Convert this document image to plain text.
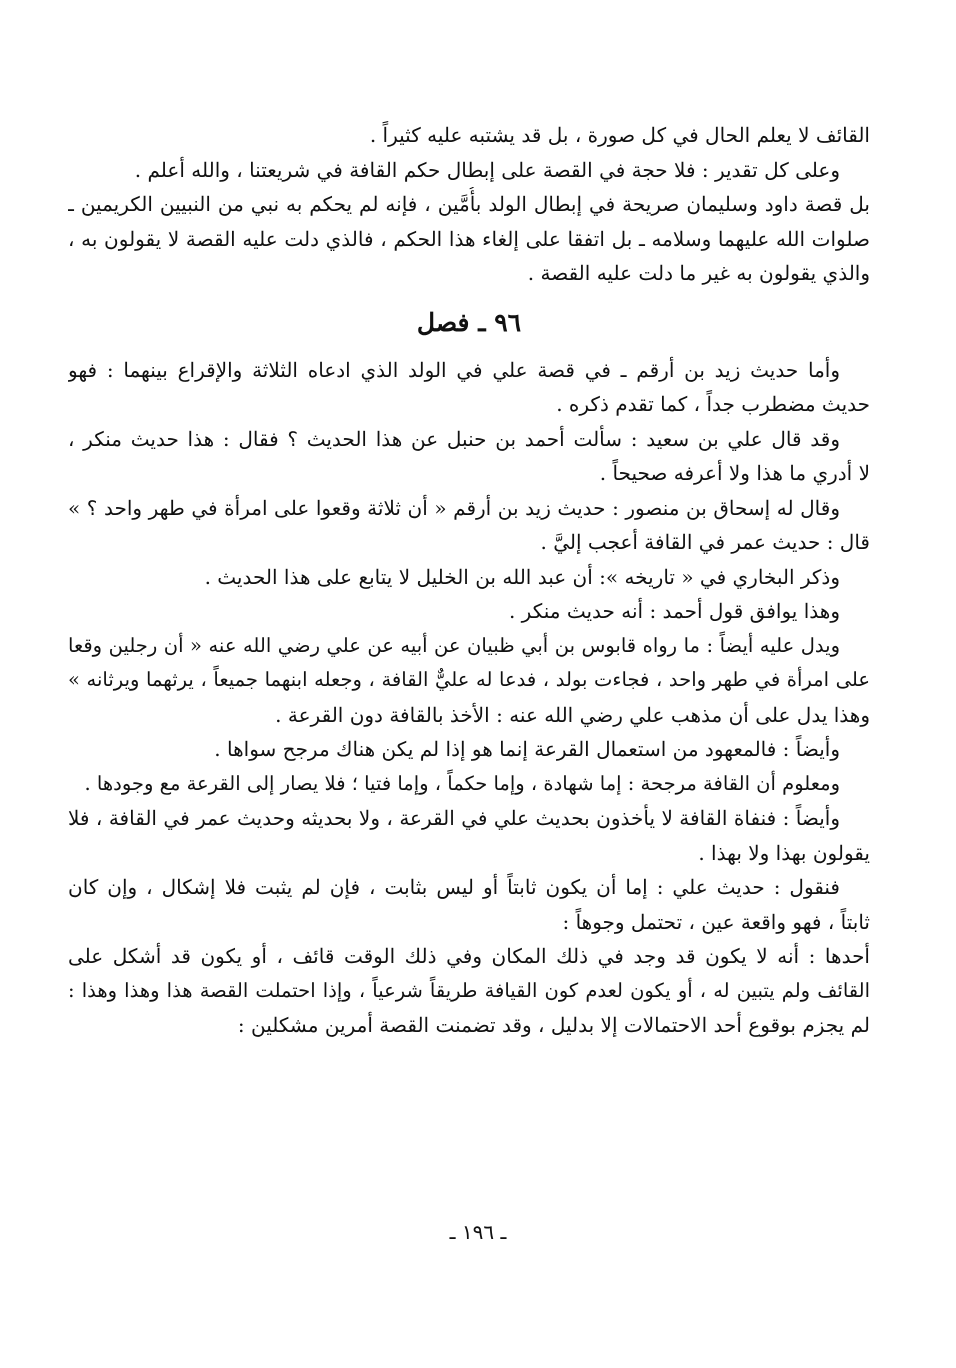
القائف لا يعلم الحال في كل صورة ، بل قد يشتبه عليه كثيراً .
وعلى كل تقدير : فلا حجة في القصة على إبطال حكم القافة في شريعتنا ، والله أعلم .
بل قصة داود وسليمان صريحة في إبطال الولد بأُمَّين ، فإنه لم يحكم به نبي من النبيين الكريمين ـ
صلوات الله عليهما وسلامه ـ بل اتفقا على إلغاء هذا الحكم ، فالذي دلت عليه القصة لا يقولون به ،
والذي يقولون به غير ما دلت عليه القصة .
٩٦ ـ فصل
وأما حديث زيد بن أرقم ـ في قصة علي في الولد الذي ادعاه الثلاثة والإقراع بينهما : فهو
حديث مضطرب جداً ، كما تقدم ذكره .
وقد قال علي بن سعيد : سألت أحمد بن حنبل عن هذا الحديث ؟ فقال : هذا حديث منكر ،
لا أدري ما هذا ولا أعرفه صحيحاً .
وقال له إسحاق بن منصور : حديث زيد بن أرقم « أن ثلاثة وقعوا على امرأة في طهر واحد ؟ »
قال : حديث عمر في القافة أعجب إليَّ .
وذكر البخاري في « تاريخه »: أن عبد الله بن الخليل لا يتابع على هذا الحديث .
وهذا يوافق قول أحمد : أنه حديث منكر .
ويدل عليه أيضاً : ما رواه قابوس بن أبي ظبيان عن أبيه عن علي رضي الله عنه « أن رجلين وقعا
على امرأة في طهر واحد ، فجاءت بولد ، فدعا له عليٌّ القافة ، وجعله ابنهما جميعاً ، يرثهما ويرثانه »
وهذا يدل على أن مذهب علي رضي الله عنه : الأخذ بالقافة دون القرعة .
وأيضاً : فالمعهود من استعمال القرعة إنما هو إذا لم يكن هناك مرجح سواها .
ومعلوم أن القافة مرجحة : إما شهادة ، وإما حكماً ، وإما فتيا ؛ فلا يصار إلى القرعة مع وجودها .
وأيضاً : فنفاة القافة لا يأخذون بحديث علي في القرعة ، ولا بحديثه وحديث عمر في القافة ، فلا
يقولون بهذا ولا بهذا .
فنقول : حديث علي : إما أن يكون ثابتاً أو ليس بثابت ، فإن لم يثبت فلا إشكال ، وإن كان
ثابتاً ، فهو واقعة عين ، تحتمل وجوهاً :
أحدها : أنه لا يكون قد وجد في ذلك المكان وفي ذلك الوقت قائف ، أو يكون قد أشكل على
القائف ولم يتبين له ، أو يكون لعدم كون القيافة طريقاً شرعياً ، وإذا احتملت القصة هذا وهذا وهذا :
لم يجزم بوقوع أحد الاحتمالات إلا بدليل ، وقد تضمنت القصة أمرين مشكلين :
ـ ١٩٦ ـ
